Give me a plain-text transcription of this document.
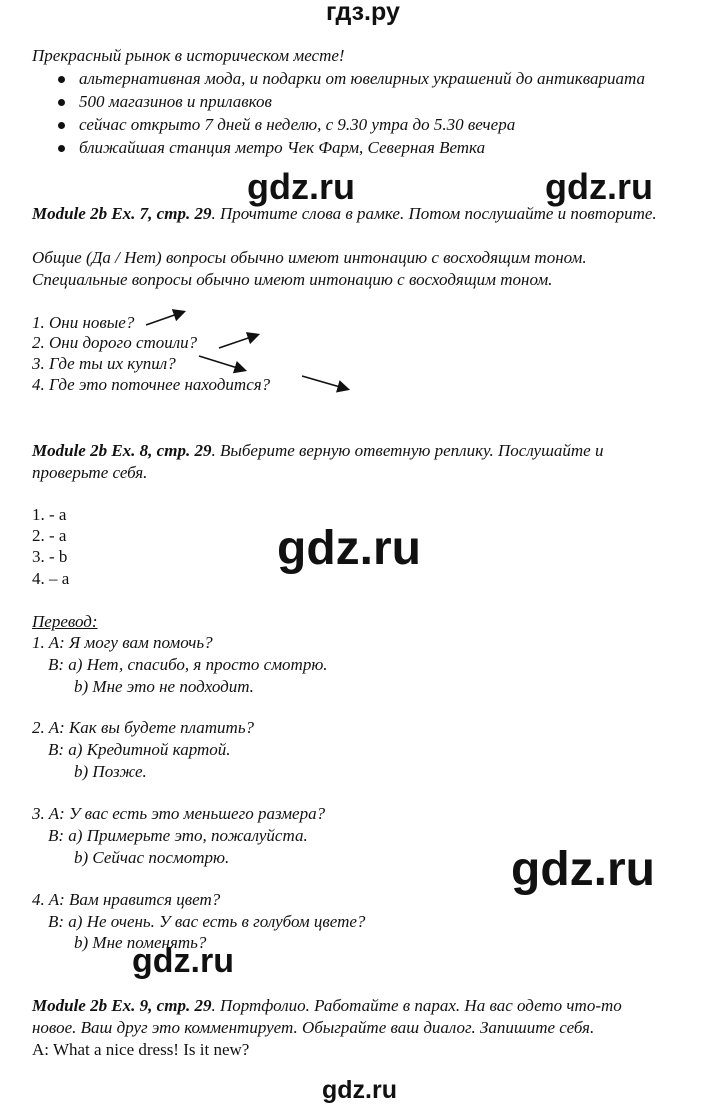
гдз.ру
Прекрасный рынок в историческом месте!
альтернативная мода, и подарки от ювелирных украшений до антиквариата
500 магазинов и прилавков
сейчас открыто 7 дней в неделю, с 9.30 утра до 5.30 вечера
ближайшая станция метро Чек Фарм, Северная Ветка
gdz.ru	gdz.ru
Module 2b Ex. 7, стр. 29. Прочтите слова в рамке. Потом послушайте и повторите.
Общие (Да / Нет) вопросы обычно имеют интонацию с восходящим тоном.
Специальные вопросы обычно имеют интонацию с восходящим тоном.
1. Они новые?
2. Они дорого стоили?
3. Где ты их купил?
4. Где это поточнее находится?
Module 2b Ex. 8, стр. 29. Выберите верную ответную реплику. Послушайте и
проверьте себя.
1. - a
2. - a
3. - b
4. – a
gdz.ru
Перевод:
1. A: Я могу вам помочь?
B: a) Нет, спасибо, я просто смотрю.
b) Мне это не подходит.
2. A: Как вы будете платить?
B: a) Кредитной картой.
b) Позже.
3. A: У вас есть это меньшего размера?
B: a) Примерьте это, пожалуйста.
b) Сейчас посмотрю.	gdz.ru
4. A: Вам нравится цвет?
B: a) Не очень. У вас есть в голубом цвете?
b) Мне поменять?
gdz.ru
Module 2b Ex. 9, стр. 29. Портфолио. Работайте в парах. На вас одето что-то
новое. Ваш друг это комментирует. Обыграйте ваш диалог. Запишите себя.
A: What a nice dress! Is it new?
gdz.ru
